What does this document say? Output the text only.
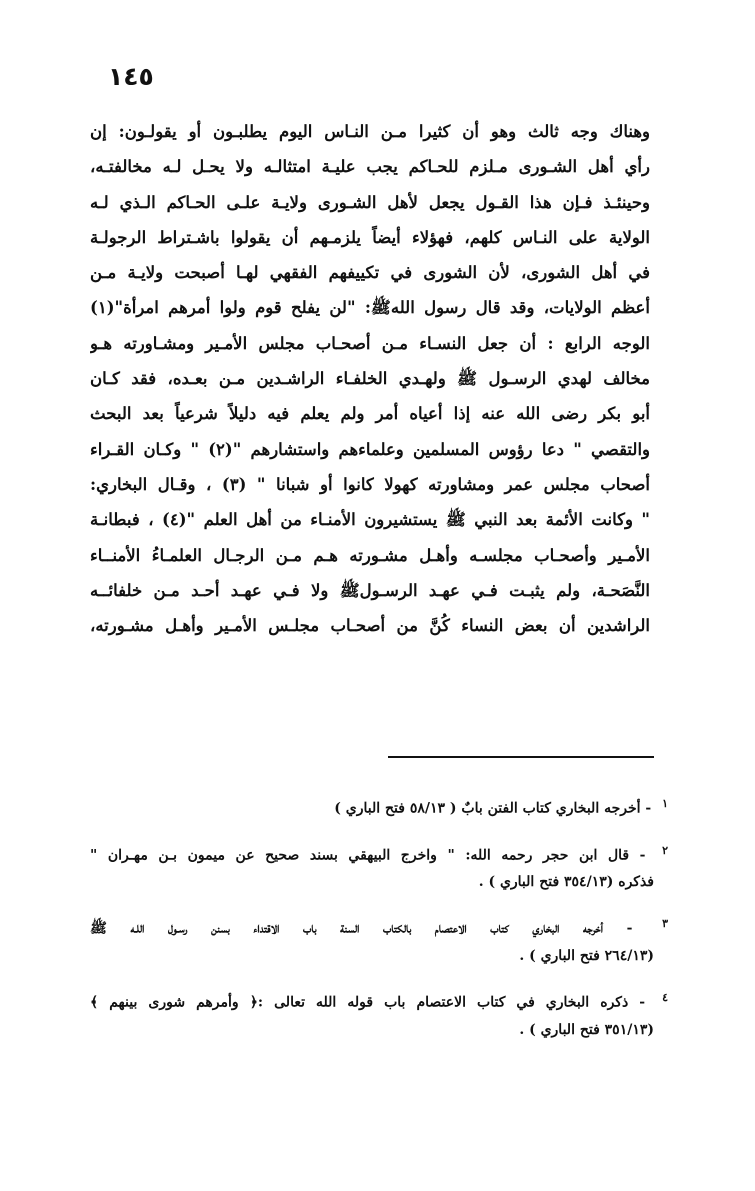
١٤٥
وهناك وجه ثالث وهو أن كثيرا مـن النـاس اليوم يطلبـون أو يقولـون: إن
رأي أهل الشـورى مـلزم للحـاكم يجب عليـة امتثالـه ولا يحـل لـه مخالفتـه،
وحينئـذ فـإن هذا القـول يجعل لأهل الشـورى ولايـة علـى الحـاكم الـذي لـه
الولاية على النـاس كلهم، فهؤلاء أيضاً يلزمـهم أن يقولوا باشـتراط الرجولـة
في أهل الشورى، لأن الشورى في تكييفهم الفقهي لهـا أصبحت ولايـة مـن
أعظم الولايات، وقد قال رسول اللهﷺ: "لن يفلح قوم ولوا أمرهم امرأة"(١)
الوجه الرابع : أن جعل النسـاء مـن أصحـاب مجلس الأمـير ومشـاورته هـو
مخالف لهدي الرسـول ﷺ ولهـدي الخلفـاء الراشـدين مـن بعـده، فقد كـان
أبو بكر رضى الله عنه إذا أعياه أمر ولم يعلم فيه دليلاً شرعياً بعد البحث
والتقصي " دعا رؤوس المسلمين وعلماءهم واستشارهم "(٢) " وكـان القـراء
أصحاب مجلس عمر ومشاورته كهولا كانوا أو شبانا " (٣) ، وقـال البخاري:
" وكانت الأئمة بعد النبي ﷺ يستشيرون الأمنـاء من أهل العلم "(٤) ، فبطانـة
الأمـير وأصحـاب مجلسـه وأهـل مشـورته هـم مـن الرجـال العلمـاءُ الأمنــاء
النَّصَحـة، ولم يثبـت فـي عهـد الرسـولﷺ ولا فـي عهـد أحـد مـن خلفائــه
الراشدين أن بعض النساء كُنَّ من أصحـاب مجلـس الأمـير وأهـل مشـورته،
$^١$ - أخرجه البخاري كتاب الفتن بابٌ ( ٥٨/١٣ فتح الباري )
$^٢$ - قال ابن حجر رحمه الله: " واخرج البيهقي بسند صحيح عن ميمون بـن مهـران "
فذكره (٣٥٤/١٣ فتح الباري ) .
$^٣$ - أخرجه البخاري كتاب الاعتصام بالكتاب السنة باب الاقتداء بسنن رسـول اللـه ﷺ
(٢٦٤/١٣ فتح الباري ) .
$^٤$ - ذكره البخاري في كتاب الاعتصام باب قوله الله تعالى :﴿ وأمرهم شورى بينهم ﴾
(٣٥١/١٣ فتح الباري ) .
